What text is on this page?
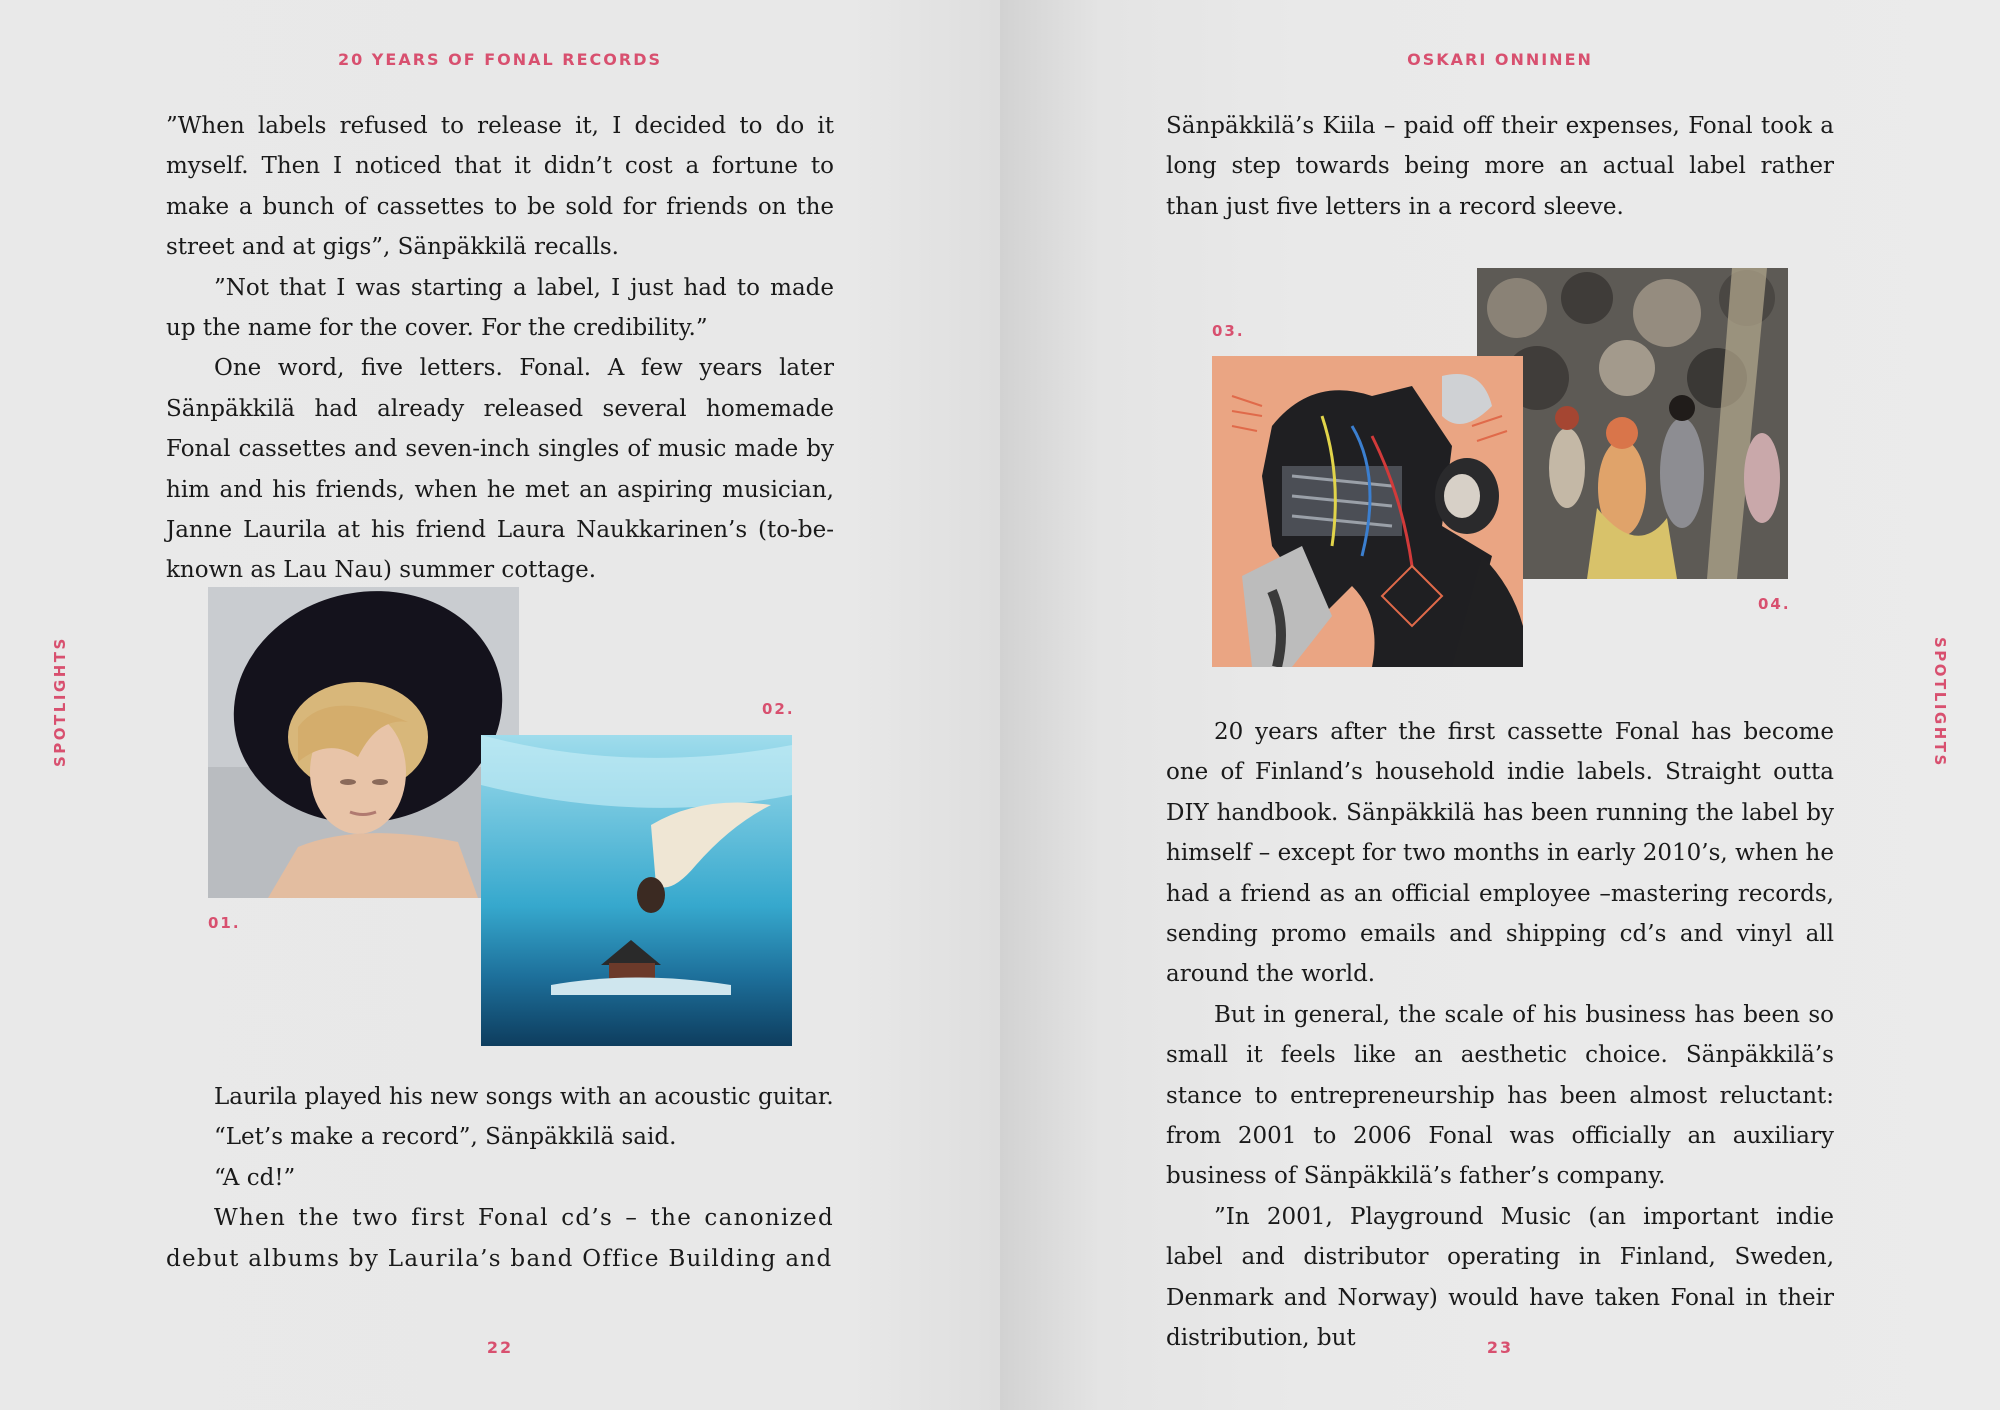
20 YEARS OF FONAL RECORDS
SPOTLIGHTS

”When labels refused to release it, I decided to do it myself. Then I noticed that it didn’t cost a fortune to make a bunch of cassettes to be sold for friends on the street and at gigs”, Sänpäkkilä recalls.

”Not that I was starting a label, I just had to made up the name for the cover. For the credibility.”

One word, five letters. Fonal. A few years later Sänpäkkilä had already released several homemade Fonal cassettes and seven-inch singles of music made by him and his friends, when he met an aspiring musician, Janne Laurila at his friend Laura Naukkarinen’s (to-be-known as Lau Nau) summer cottage.

01.
02.

Laurila played his new songs with an acoustic guitar.

“Let’s make a record”, Sänpäkkilä said.

“A cd!”

When the two first Fonal cd’s – the canonized debut albums by Laurila’s band Office Building and

22
OSKARI ONNINEN
SPOTLIGHTS

Sänpäkkilä’s Kiila – paid off their expenses, Fonal took a long step towards being more an actual label rather than just five letters in a record sleeve.

04.
03.

20 years after the first cassette Fonal has become one of Finland’s household indie labels. Straight outta DIY handbook. Sänpäkkilä has been running the label by himself – except for two months in early 2010’s, when he had a friend as an official employee –mastering records, sending promo emails and shipping cd’s and vinyl all around the world.

But in general, the scale of his business has been so small it feels like an aesthetic choice. Sänpäkkilä’s stance to entrepreneurship has been almost reluctant: from 2001 to 2006 Fonal was officially an auxiliary business of Sänpäkkilä’s father’s company.

”In 2001, Playground Music (an important indie label and distributor operating in Finland, Sweden, Denmark and Norway) would have taken Fonal in their distribution, but	23
